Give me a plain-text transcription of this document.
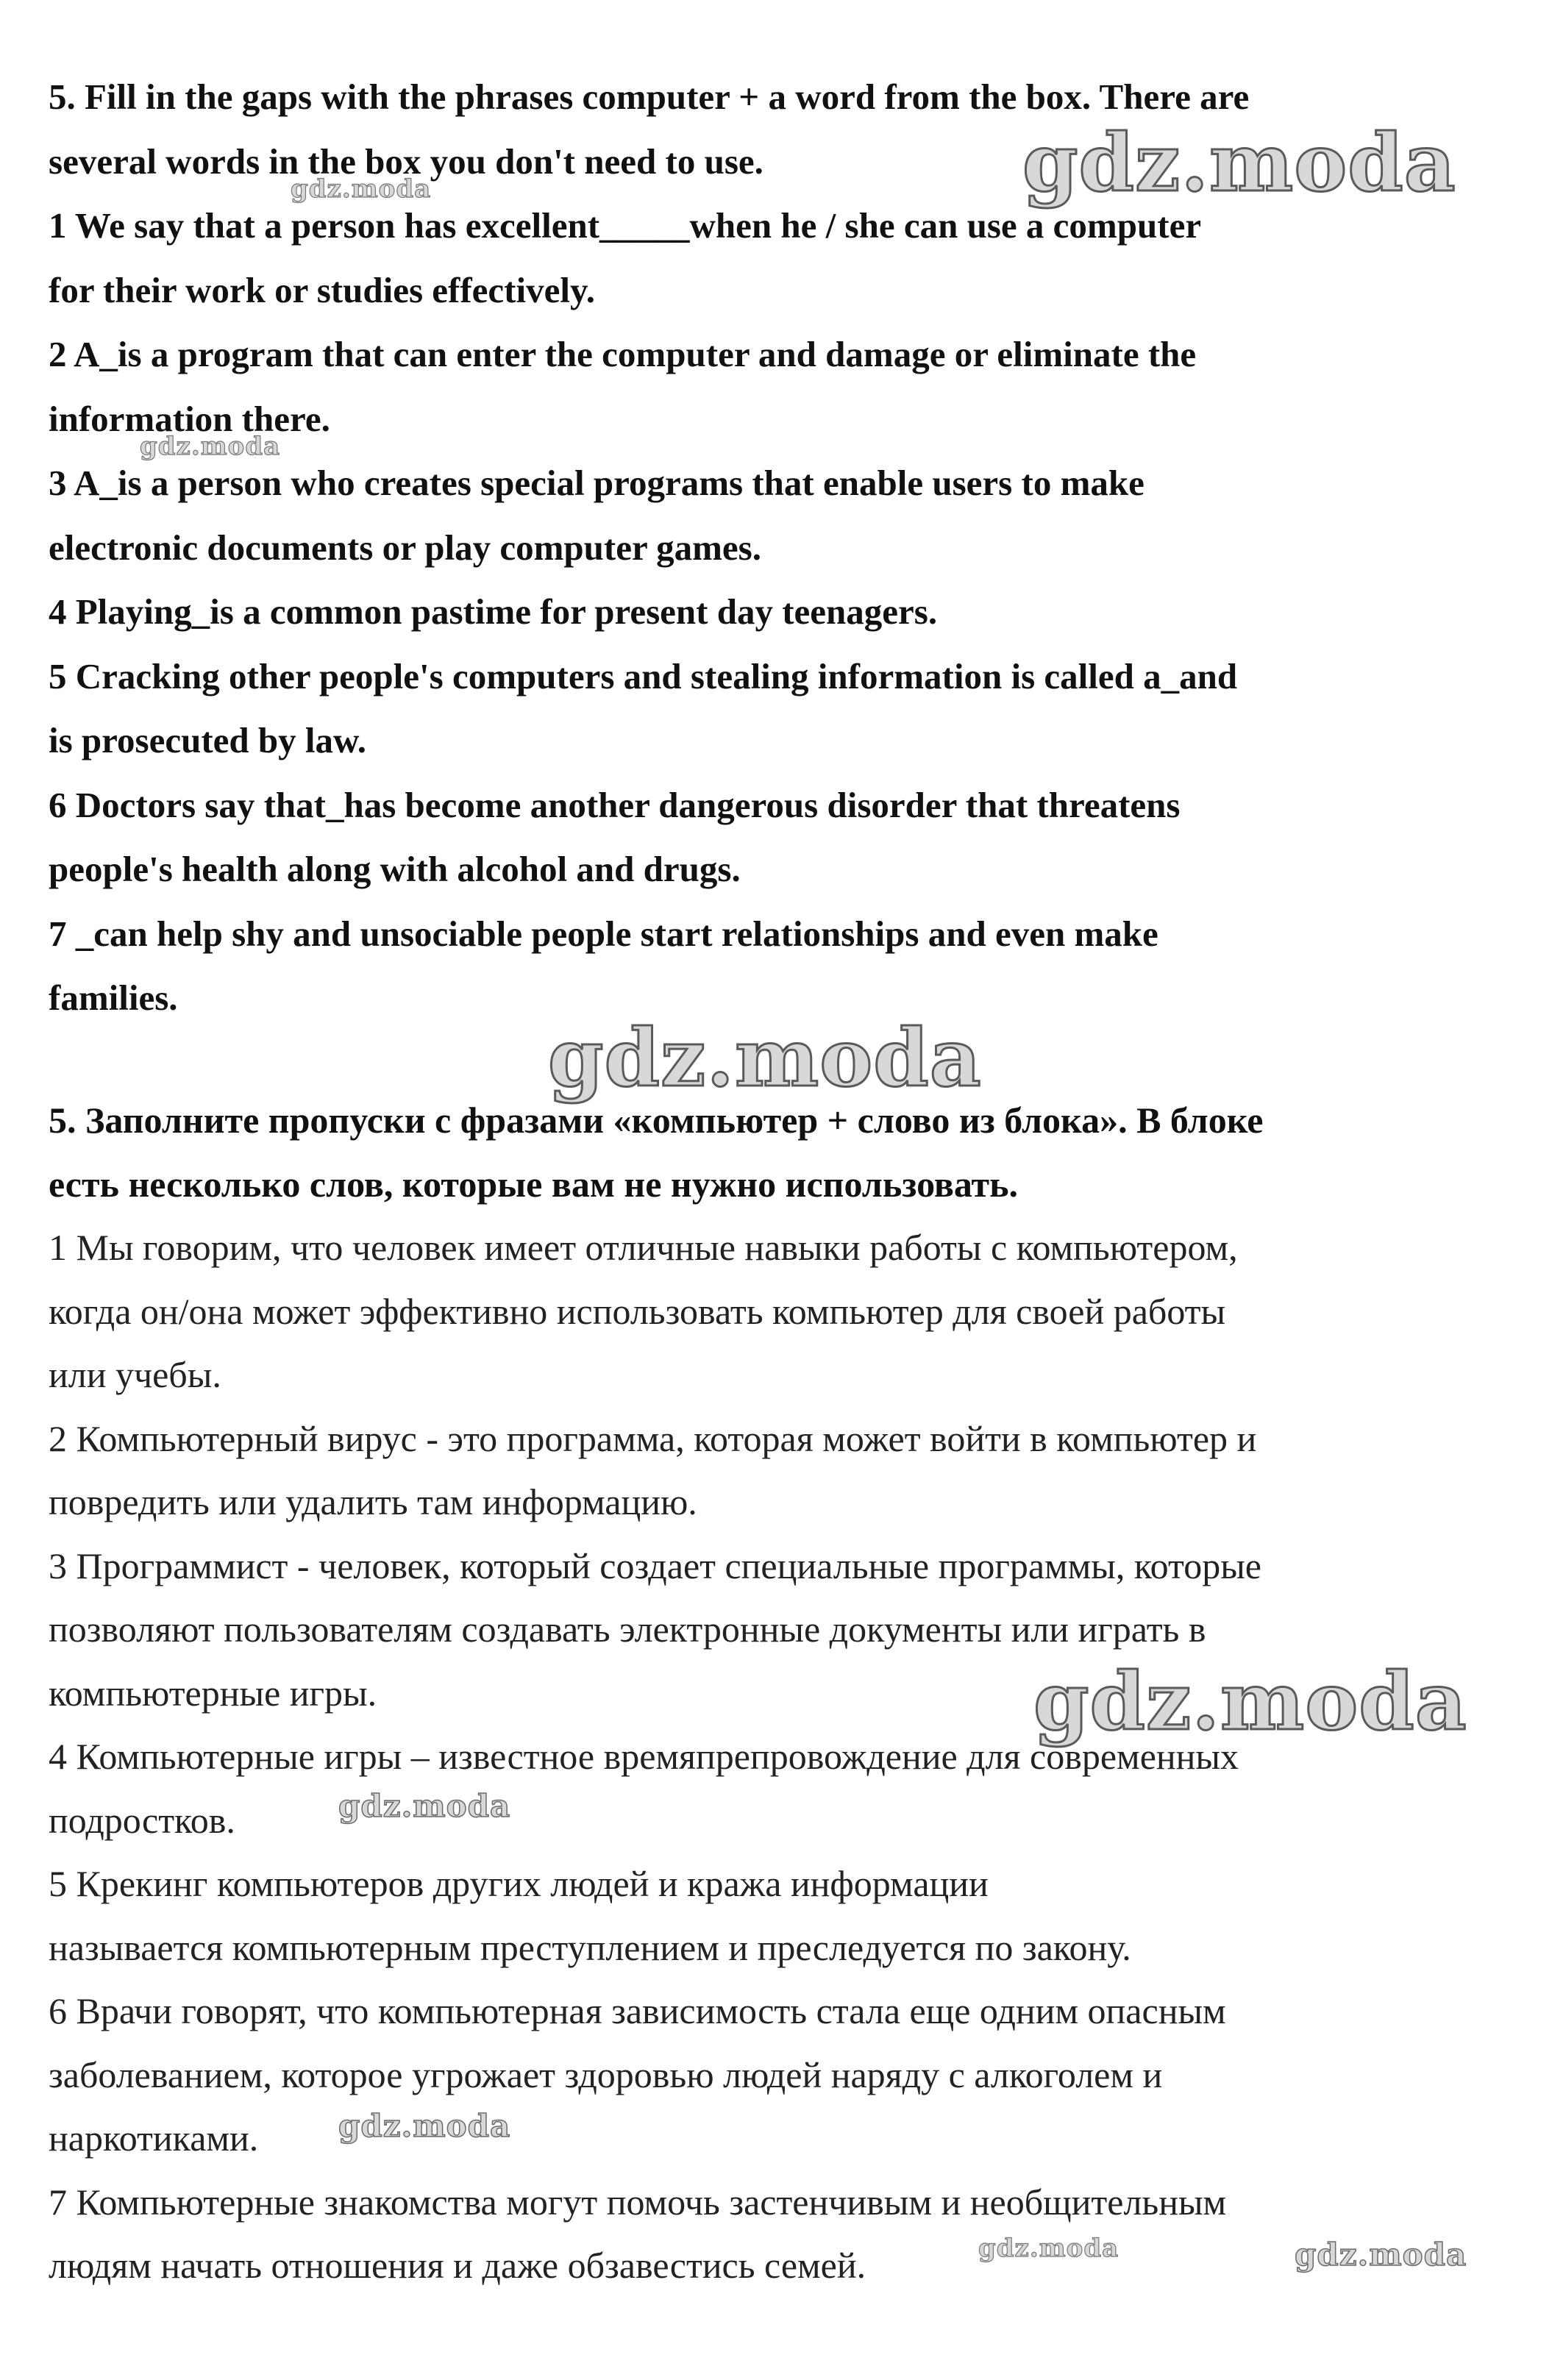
5. Fill in the gaps with the phrases computer + a word from the box. There are
several words in the box you don't need to use.
1 We say that a person has excellent_____when he / she can use a computer
for their work or studies effectively.
2 A_is a program that can enter the computer and damage or eliminate the
information there.
3 A_is a person who creates special programs that enable users to make
electronic documents or play computer games.
4 Playing_is a common pastime for present day teenagers.
5 Cracking other people's computers and stealing information is called a_and
is prosecuted by law.
6 Doctors say that_has become another dangerous disorder that threatens
people's health along with alcohol and drugs.
7 _can help shy and unsociable people start relationships and even make
families.
5. Заполните пропуски с фразами «компьютер + слово из блока». В блоке
есть несколько слов, которые вам не нужно использовать.
1 Мы говорим, что человек имеет отличные навыки работы с компьютером,
когда он/она может эффективно использовать компьютер для своей работы
или учебы.
2 Компьютерный вирус - это программа, которая может войти в компьютер и
повредить или удалить там информацию.
3 Программист - человек, который создает специальные программы, которые
позволяют пользователям создавать электронные документы или играть в
компьютерные игры.
4 Компьютерные игры – известное времяпрепровождение для современных
подростков.
5 Крекинг компьютеров других людей и кража информации
называется компьютерным преступлением и преследуется по закону.
6 Врачи говорят, что компьютерная зависимость стала еще одним опасным
заболеванием, которое угрожает здоровью людей наряду с алкоголем и
наркотиками.
7 Компьютерные знакомства могут помочь застенчивым и необщительным
людям начать отношения и даже обзавестись семей.
gdz.moda
gdz.moda
gdz.moda
gdz.moda
gdz.moda
gdz.moda
gdz.moda
gdz.moda	gdz.moda
